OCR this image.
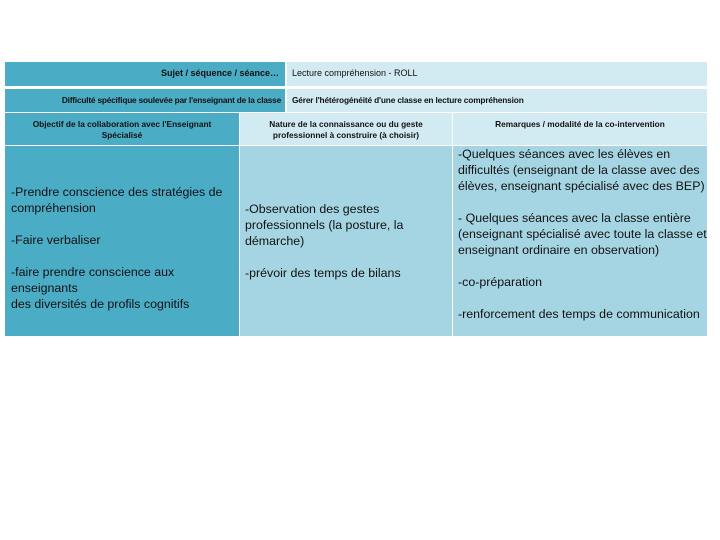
Sujet / séquence / séance… Lecture compréhension - ROLL
Difficulté spécifique soulevée par l'enseignant de la classe Gérer l'hétérogénéité d'une classe en lecture compréhension
Objectif de la collaboration avec l'Enseignant
Spécialisé
Nature de la connaissance ou du geste
professionnel à construire (à choisir)
Remarques / modalité de la co-intervention

-Prendre conscience des stratégies de
compréhension

-Faire verbaliser

-faire prendre conscience aux enseignants
des diversités de profils cognitifs

-Observation des gestes
professionnels (la posture, la
démarche)

-prévoir des temps de bilans

-Quelques séances avec les élèves en
difficultés (enseignant de la classe avec des
élèves, enseignant spécialisé avec des BEP)

- Quelques séances avec la classe entière
(enseignant spécialisé avec toute la classe et
enseignant ordinaire en observation)

-co-préparation

-renforcement des temps de communication
